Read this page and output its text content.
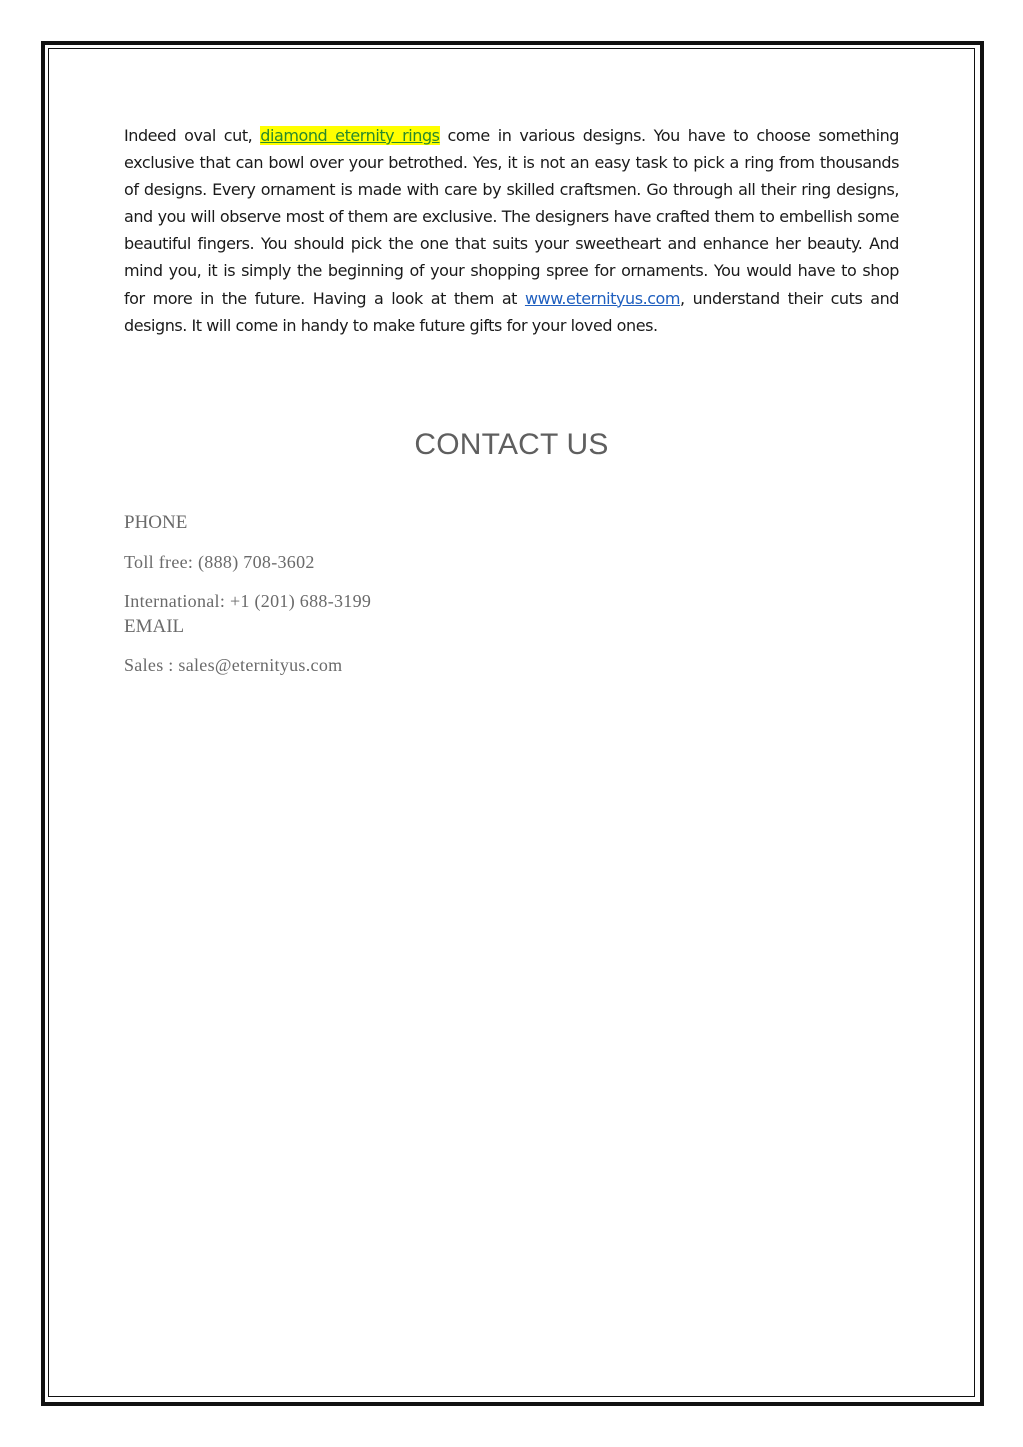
Indeed oval cut, diamond eternity rings come in various designs. You have to choose something exclusive that can bowl over your betrothed. Yes, it is not an easy task to pick a ring from thousands of designs. Every ornament is made with care by skilled craftsmen. Go through all their ring designs, and you will observe most of them are exclusive. The designers have crafted them to embellish some beautiful fingers. You should pick the one that suits your sweetheart and enhance her beauty. And mind you, it is simply the beginning of your shopping spree for ornaments. You would have to shop for more in the future. Having a look at them at www.eternityus.com, understand their cuts and designs. It will come in handy to make future gifts for your loved ones.

CONTACT US

PHONE

Toll free: (888) 708-3602

International: +1 (201) 688-3199

EMAIL

Sales : sales@eternityus.com
